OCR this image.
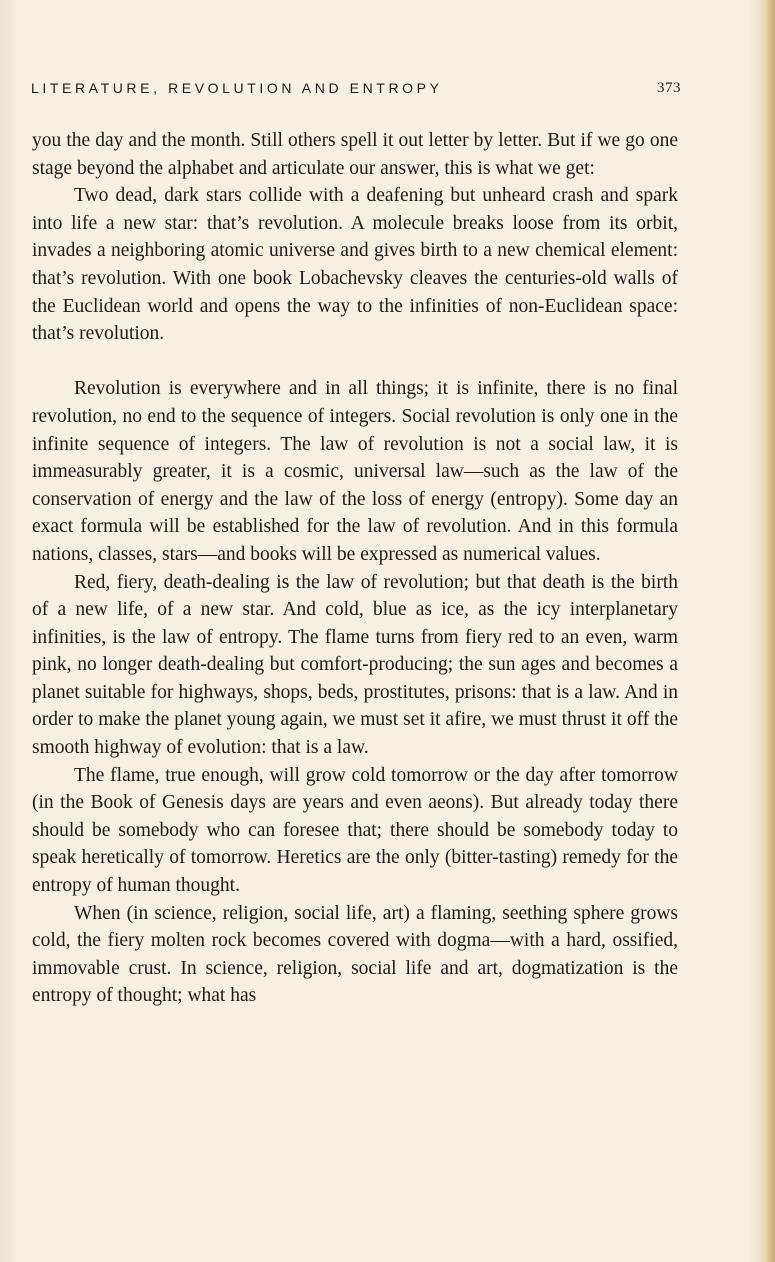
LITERATURE, REVOLUTION AND ENTROPY	373

you the day and the month. Still others spell it out letter by letter. But if we go one stage beyond the alphabet and articulate our answer, this is what we get:

Two dead, dark stars collide with a deafening but unheard crash and spark into life a new star: that’s revolution. A molecule breaks loose from its orbit, invades a neighboring atomic universe and gives birth to a new chemical element: that’s revolution. With one book Lobachevsky cleaves the centuries-old walls of the Euclidean world and opens the way to the infinities of non-Euclidean space: that’s revolution.

Revolution is everywhere and in all things; it is infinite, there is no final revolution, no end to the sequence of integers. Social revolution is only one in the infinite sequence of integers. The law of revolution is not a social law, it is immeasurably greater, it is a cosmic, universal law—such as the law of the conservation of energy and the law of the loss of energy (entropy). Some day an exact formula will be established for the law of revolution. And in this formula nations, classes, stars—and books will be expressed as numerical values.

Red, fiery, death-dealing is the law of revolution; but that death is the birth of a new life, of a new star. And cold, blue as ice, as the icy interplanetary infinities, is the law of entropy. The flame turns from fiery red to an even, warm pink, no longer death-dealing but comfort-producing; the sun ages and becomes a planet suitable for highways, shops, beds, prostitutes, prisons: that is a law. And in order to make the planet young again, we must set it afire, we must thrust it off the smooth highway of evolution: that is a law.

The flame, true enough, will grow cold tomorrow or the day after tomorrow (in the Book of Genesis days are years and even aeons). But already today there should be somebody who can foresee that; there should be somebody today to speak heretically of tomorrow. Heretics are the only (bitter-tasting) remedy for the entropy of human thought.

When (in science, religion, social life, art) a flaming, seething sphere grows cold, the fiery molten rock becomes covered with dogma—with a hard, ossified, immovable crust. In science, religion, social life and art, dogmatization is the entropy of thought; what has
